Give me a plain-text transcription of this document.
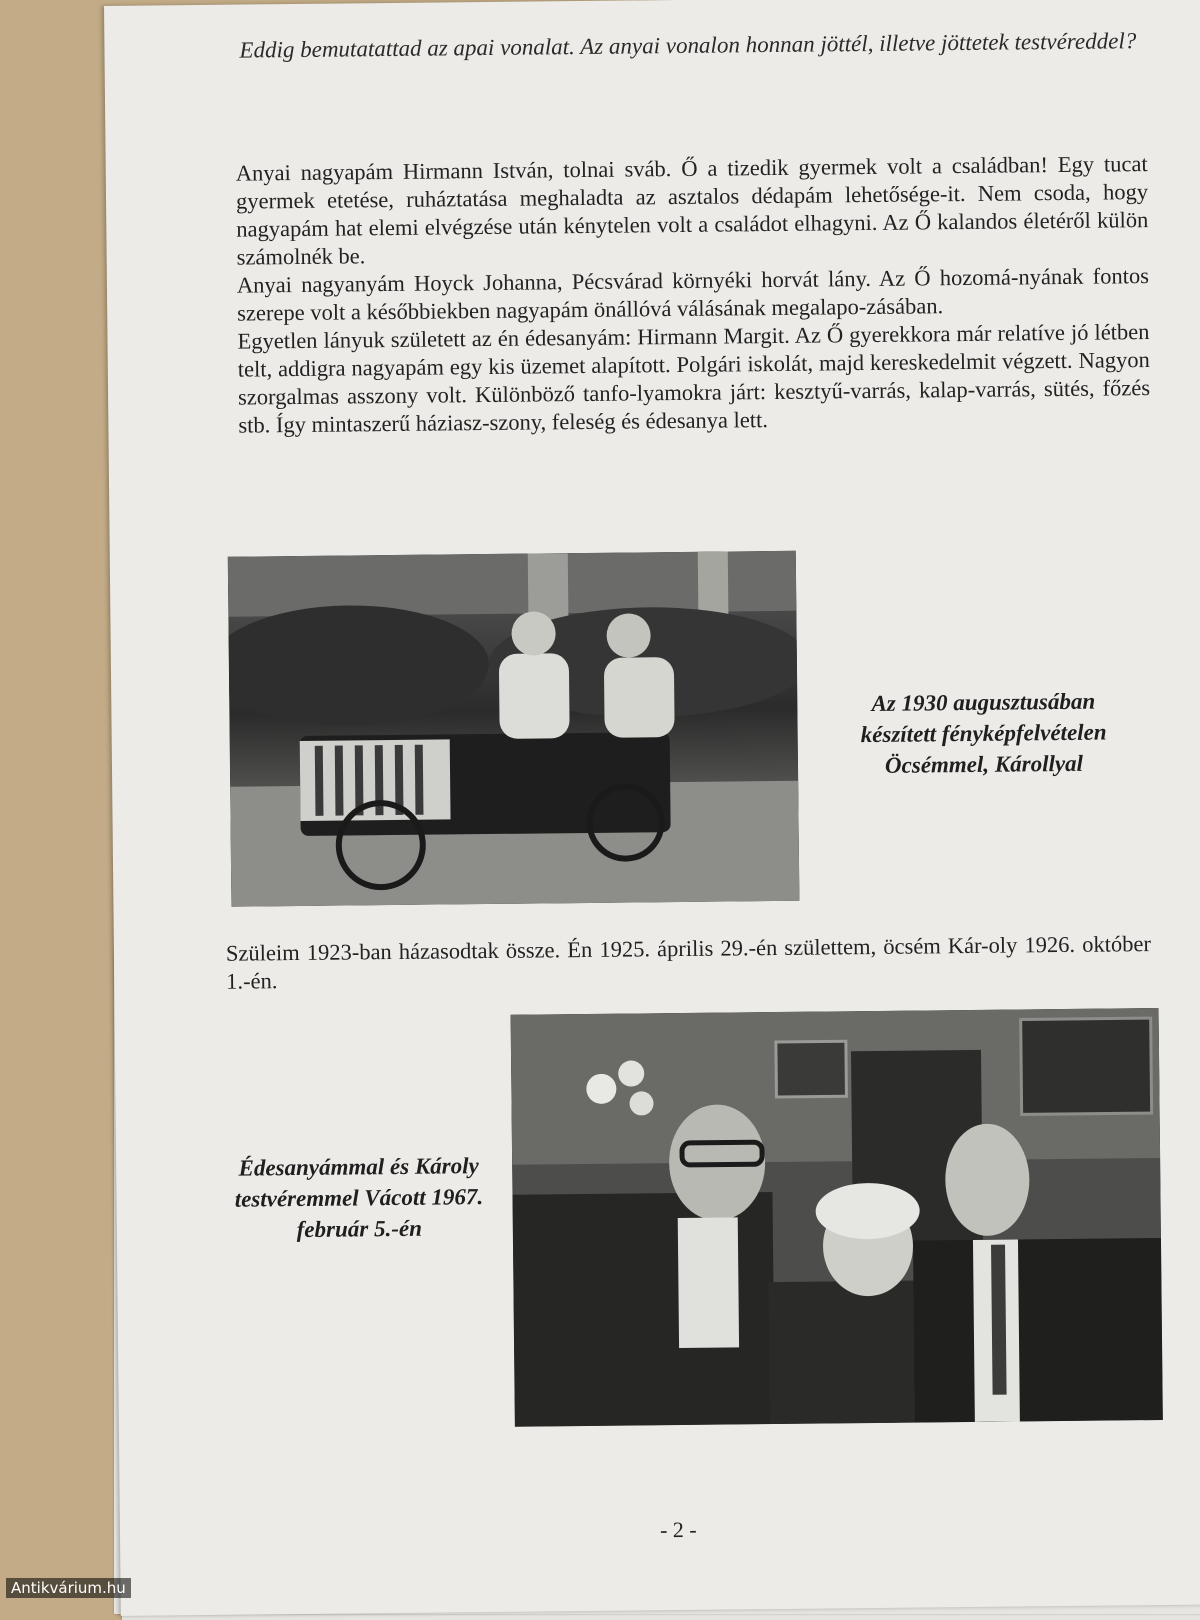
Eddig bemutatattad az apai vonalat. Az anyai vonalon honnan jöttél, illetve jöttetek testvéreddel?

Anyai nagyapám Hirmann István, tolnai sváb. Ő a tizedik gyermek volt a családban! Egy tucat gyermek etetése, ruháztatása meghaladta az asztalos dédapám lehetősége-it. Nem csoda, hogy nagyapám hat elemi elvégzése után kénytelen volt a családot elhagyni. Az Ő kalandos életéről külön számolnék be.

Anyai nagyanyám Hoyck Johanna, Pécsvárad környéki horvát lány. Az Ő hozomá-nyának fontos szerepe volt a későbbiekben nagyapám önállóvá válásának megalapo-zásában.

Egyetlen lányuk született az én édesanyám: Hirmann Margit. Az Ő gyerekkora már relatíve jó létben telt, addigra nagyapám egy kis üzemet alapított. Polgári iskolát, majd kereskedelmit végzett. Nagyon szorgalmas asszony volt. Különböző tanfo-lyamokra járt: kesztyű-varrás, kalap-varrás, sütés, főzés stb. Így mintaszerű háziasz-szony, feleség és édesanya lett.

Az 1930 augusztusában készített fényképfelvételen Öcsémmel, Károllyal
Szüleim 1923-ban házasodtak össze. Én 1925. április 29.-én születtem, öcsém Kár-oly 1926. október 1.-én.
Édesanyámmal és Károly testvéremmel Vácott 1967. február 5.-én
- 2 -
Antikvárium.hu
